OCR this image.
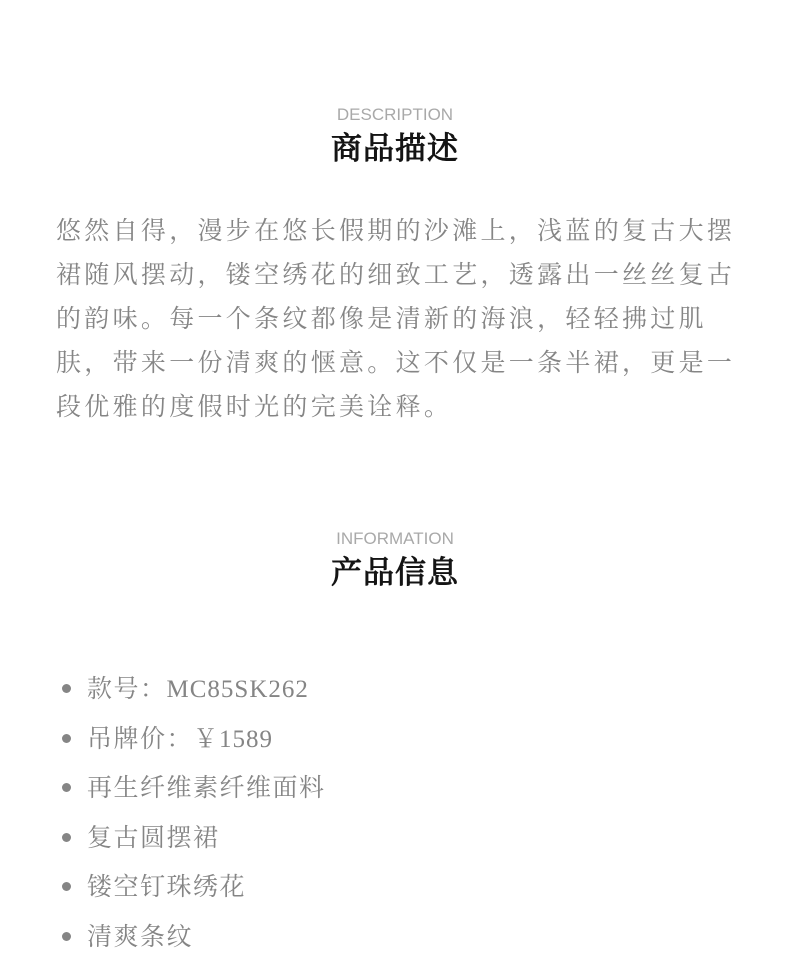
DESCRIPTION
商品描述

悠然自得，漫步在悠长假期的沙滩上，浅蓝的复古大摆裙随风摆动，镂空绣花的细致工艺，透露出一丝丝复古的韵味。每一个条纹都像是清新的海浪，轻轻拂过肌肤，带来一份清爽的惬意。这不仅是一条半裙，更是一段优雅的度假时光的完美诠释。

INFORMATION
产品信息
款号：MC85SK262
吊牌价：￥1589
再生纤维素纤维面料
复古圆摆裙
镂空钉珠绣花
清爽条纹
